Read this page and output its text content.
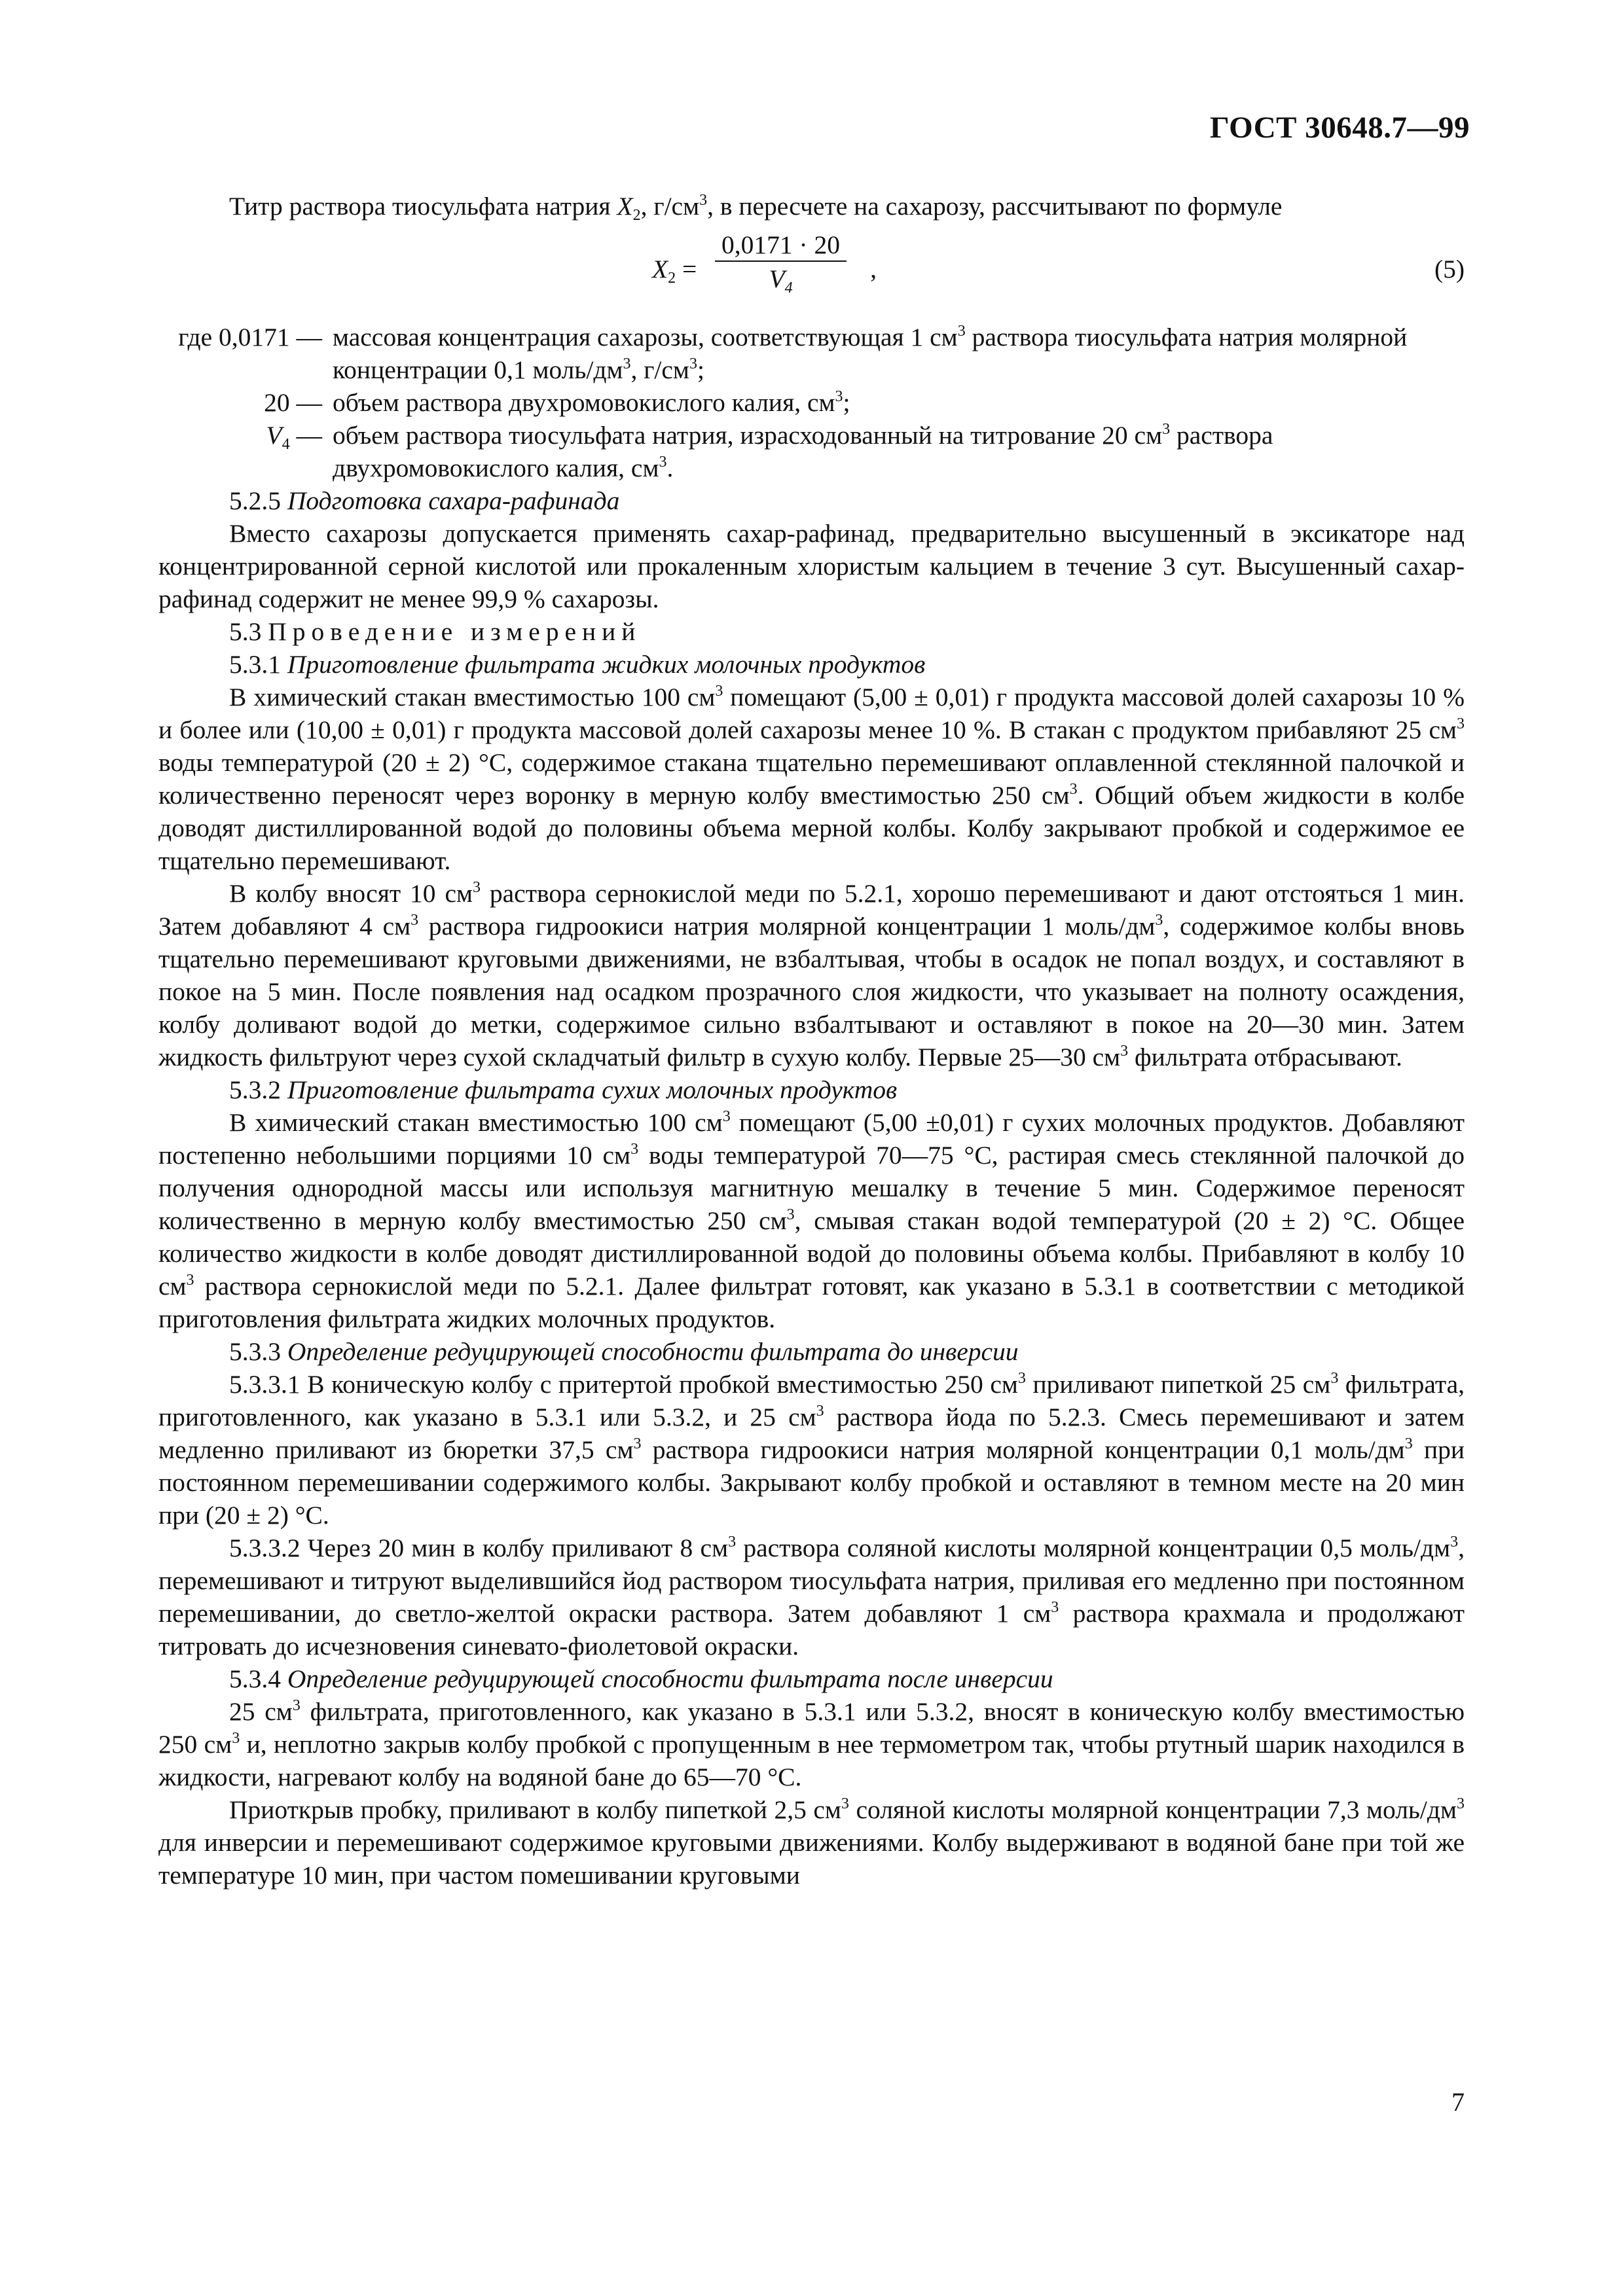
ГОСТ 30648.7—99

Титр раствора тиосульфата натрия $X_2$, $г/см^3$, в пересчете на сахарозу, рассчитывают по формуле

$X_2$ =
0,0171 · 20
$V_4$
,	(5)
где 0,0171 — массовая концентрация сахарозы, соответствующая 1 $см^3$ раствора тиосульфата натрия молярной концентрации 0,1 моль/$дм^3$, $г/см^3$;
20 — объем раствора двухромовокислого калия, $см^3$;
$V_4$ — объем раствора тиосульфата натрия, израсходованный на титрование 20 $см^3$ раствора двухромовокислого калия, $см^3$.

5.2.5 Подготовка сахара-рафинада

Вместо сахарозы допускается применять сахар-рафинад, предварительно высушенный в эксикаторе над концентрированной серной кислотой или прокаленным хлористым кальцием в течение 3 сут. Высушенный сахар-рафинад содержит не менее 99,9 % сахарозы.

5.3 Проведение измерений

5.3.1 Приготовление фильтрата жидких молочных продуктов

В химический стакан вместимостью 100 $см^3$ помещают (5,00 ± 0,01) г продукта массовой долей сахарозы 10 % и более или (10,00 ± 0,01) г продукта массовой долей сахарозы менее 10 %. В стакан с продуктом прибавляют 25 $см^3$ воды температурой (20 ± 2) °С, содержимое стакана тщательно перемешивают оплавленной стеклянной палочкой и количественно переносят через воронку в мерную колбу вместимостью 250 $см^3$. Общий объем жидкости в колбе доводят дистиллированной водой до половины объема мерной колбы. Колбу закрывают пробкой и содержимое ее тщательно перемешивают.

В колбу вносят 10 $см^3$ раствора сернокислой меди по 5.2.1, хорошо перемешивают и дают отстояться 1 мин. Затем добавляют 4 $см^3$ раствора гидроокиси натрия молярной концентрации 1 моль/$дм^3$, содержимое колбы вновь тщательно перемешивают круговыми движениями, не взбалтывая, чтобы в осадок не попал воздух, и составляют в покое на 5 мин. После появления над осадком прозрачного слоя жидкости, что указывает на полноту осаждения, колбу доливают водой до метки, содержимое сильно взбалтывают и оставляют в покое на 20—30 мин. Затем жидкость фильтруют через сухой складчатый фильтр в сухую колбу. Первые 25—30 $см^3$ фильтрата отбрасывают.

5.3.2 Приготовление фильтрата сухих молочных продуктов

В химический стакан вместимостью 100 $см^3$ помещают (5,00 ±0,01) г сухих молочных продуктов. Добавляют постепенно небольшими порциями 10 $см^3$ воды температурой 70—75 °С, растирая смесь стеклянной палочкой до получения однородной массы или используя магнитную мешалку в течение 5 мин. Содержимое переносят количественно в мерную колбу вместимостью 250 $см^3$, смывая стакан водой температурой (20 ± 2) °С. Общее количество жидкости в колбе доводят дистиллированной водой до половины объема колбы. Прибавляют в колбу 10 $см^3$ раствора сернокислой меди по 5.2.1. Далее фильтрат готовят, как указано в 5.3.1 в соответствии с методикой приготовления фильтрата жидких молочных продуктов.

5.3.3 Определение редуцирующей способности фильтрата до инверсии

5.3.3.1 В коническую колбу с притертой пробкой вместимостью 250 $см^3$ приливают пипеткой 25 $см^3$ фильтрата, приготовленного, как указано в 5.3.1 или 5.3.2, и 25 $см^3$ раствора йода по 5.2.3. Смесь перемешивают и затем медленно приливают из бюретки 37,5 $см^3$ раствора гидроокиси натрия молярной концентрации 0,1 моль/$дм^3$ при постоянном перемешивании содержимого колбы. Закрывают колбу пробкой и оставляют в темном месте на 20 мин при (20 ± 2) °С.

5.3.3.2 Через 20 мин в колбу приливают 8 $см^3$ раствора соляной кислоты молярной концентрации 0,5 моль/$дм^3$, перемешивают и титруют выделившийся йод раствором тиосульфата натрия, приливая его медленно при постоянном перемешивании, до светло-желтой окраски раствора. Затем добавляют 1 $см^3$ раствора крахмала и продолжают титровать до исчезновения синевато-фиолетовой окраски.

5.3.4 Определение редуцирующей способности фильтрата после инверсии

25 $см^3$ фильтрата, приготовленного, как указано в 5.3.1 или 5.3.2, вносят в коническую колбу вместимостью 250 $см^3$ и, неплотно закрыв колбу пробкой с пропущенным в нее термометром так, чтобы ртутный шарик находился в жидкости, нагревают колбу на водяной бане до 65—70 °С.

Приоткрыв пробку, приливают в колбу пипеткой 2,5 $см^3$ соляной кислоты молярной концентрации 7,3 моль/$дм^3$ для инверсии и перемешивают содержимое круговыми движениями. Колбу выдерживают в водяной бане при той же температуре 10 мин, при частом помешивании круговыми

7
